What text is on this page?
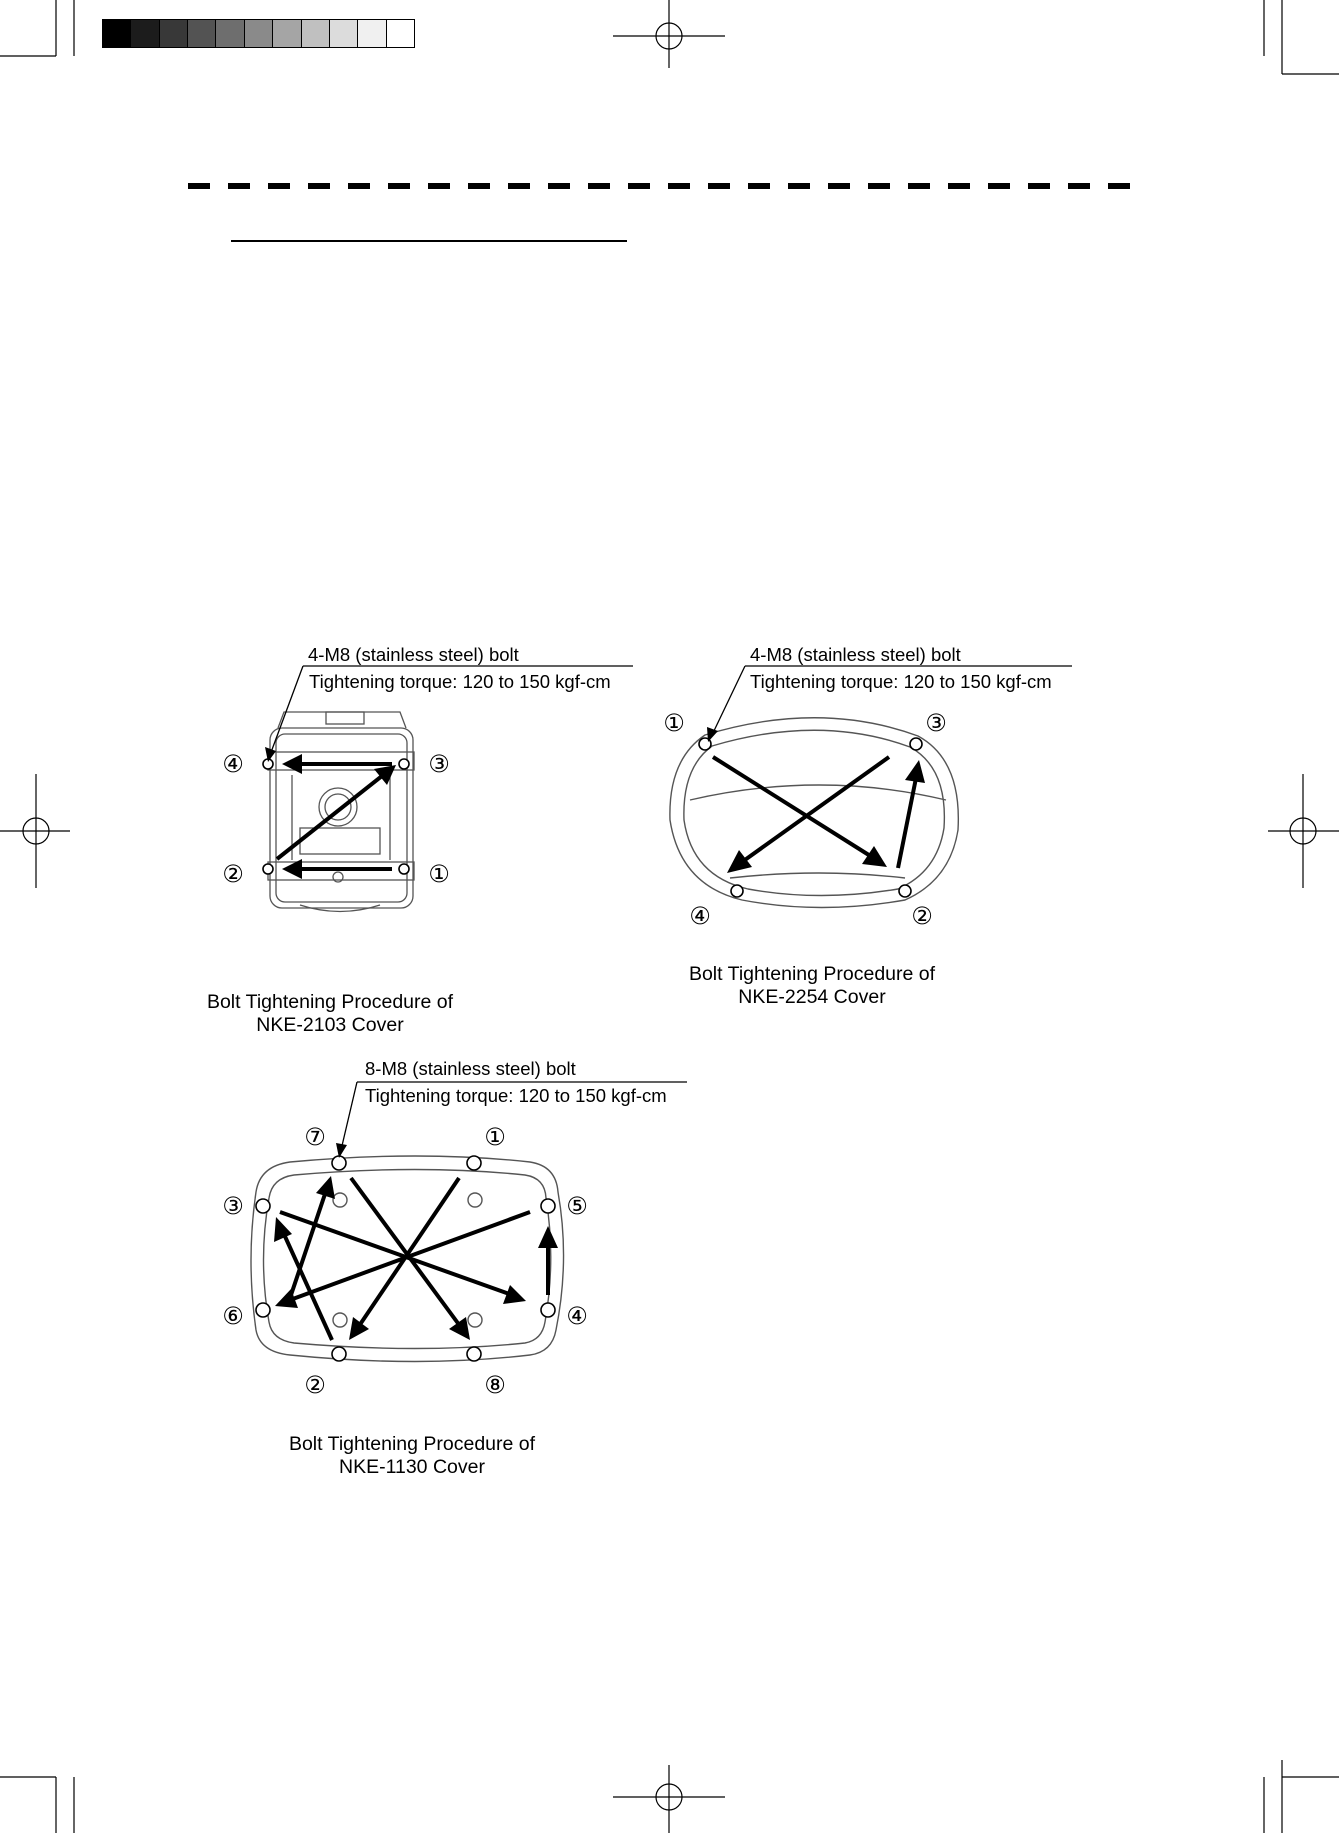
4-M8 (stainless steel) bolt
Tightening torque: 120 to 150 kgf-cm
④	③
②	①
Bolt Tightening Procedure of
NKE-2103 Cover
4-M8 (stainless steel) bolt
Tightening torque: 120 to 150 kgf-cm
①	③
④	②
Bolt Tightening Procedure of
NKE-2254 Cover
8-M8 (stainless steel) bolt
Tightening torque: 120 to 150 kgf-cm
⑦	①
③	⑤
⑥	④
②	⑧
Bolt Tightening Procedure of
NKE-1130 Cover
